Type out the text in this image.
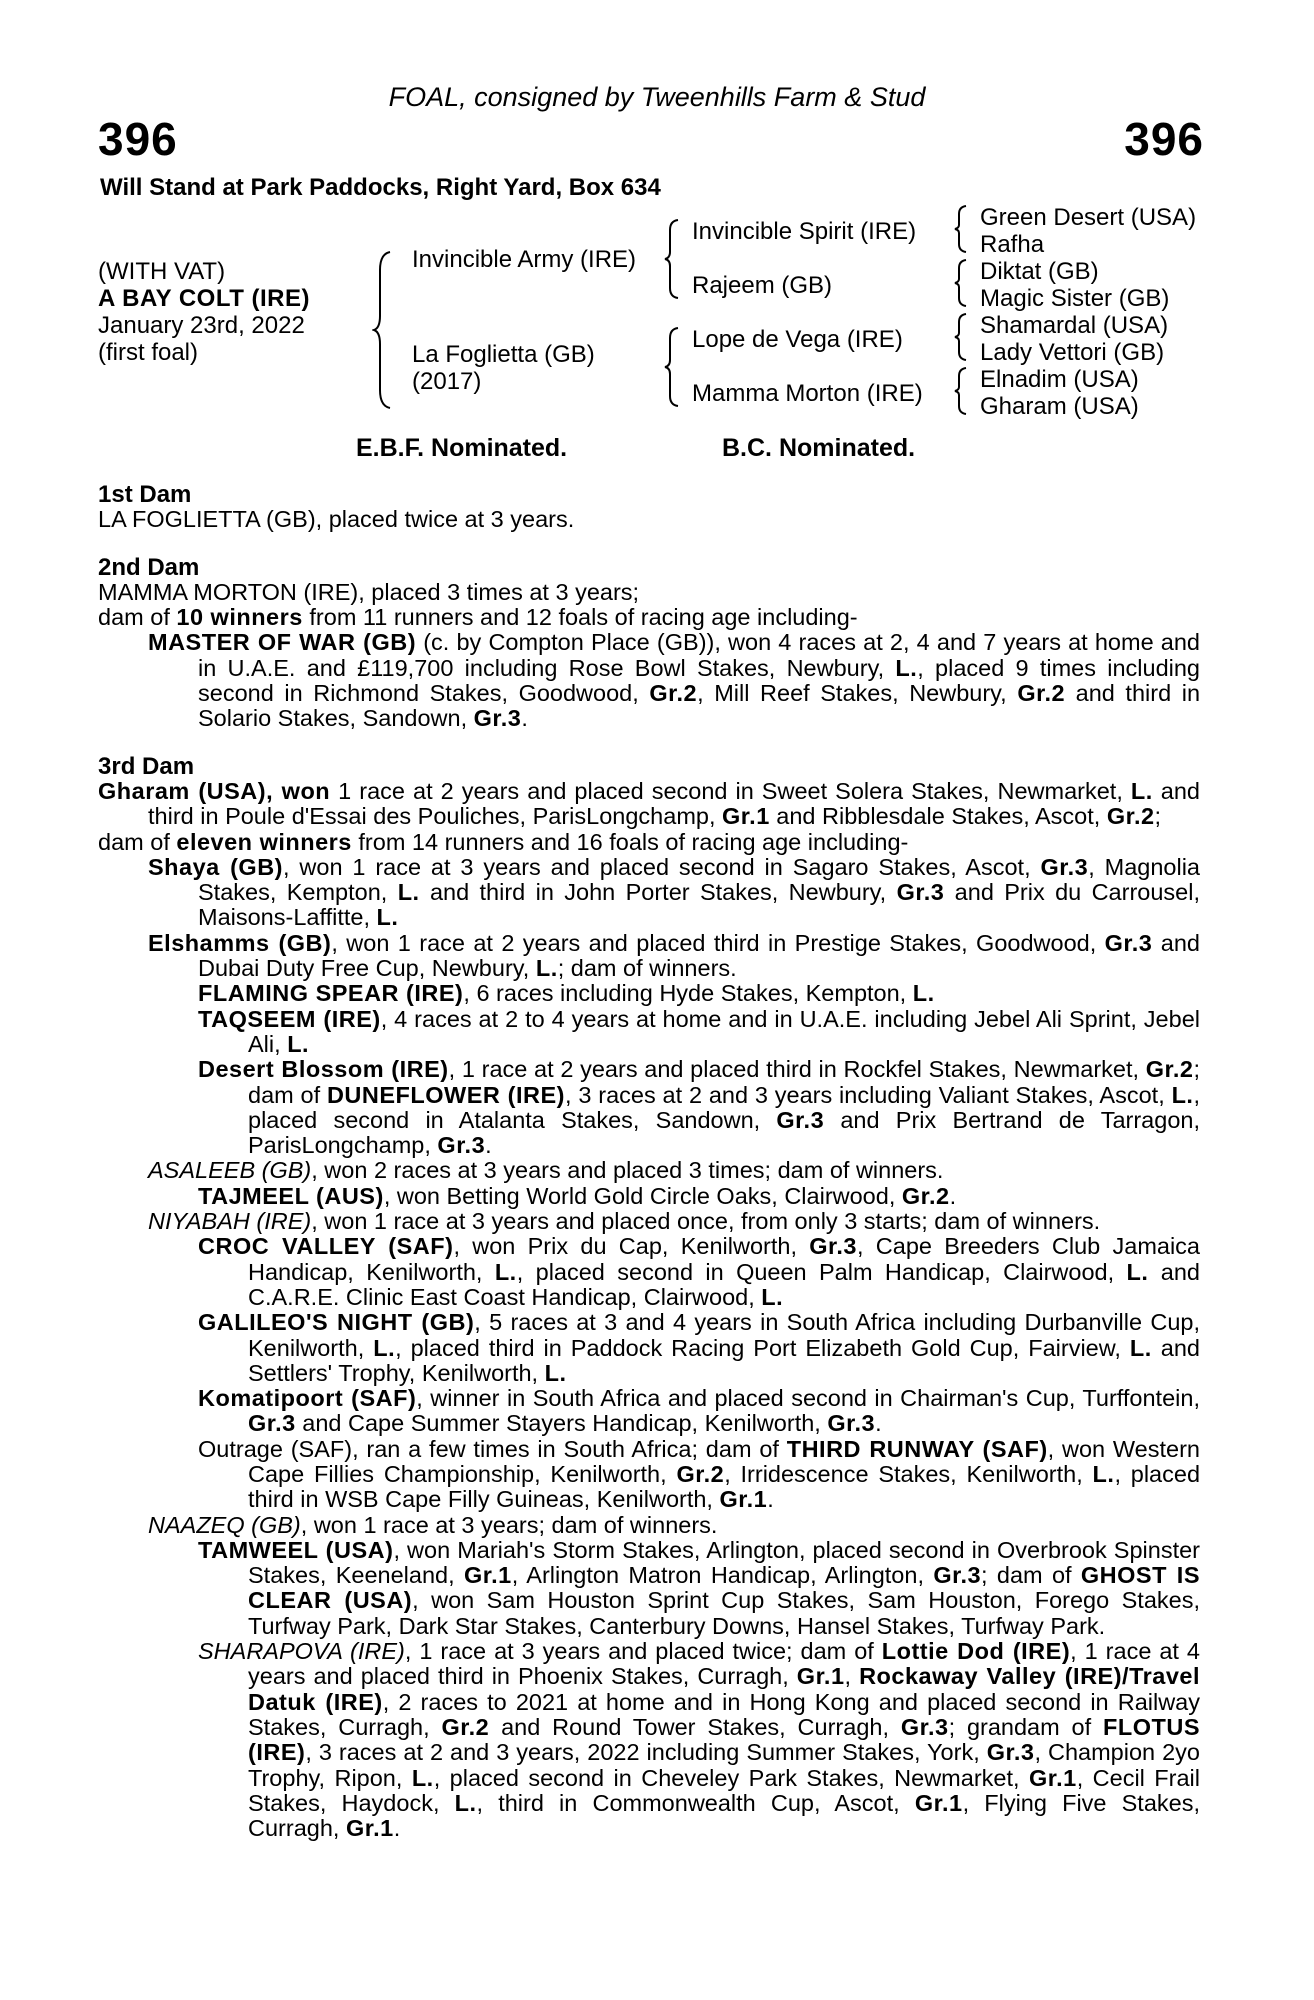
FOAL, consigned by Tweenhills Farm & Stud
396	396
Will Stand at Park Paddocks, Right Yard, Box 634
(WITH VAT)
A BAY COLT (IRE)
January 23rd, 2022
(first foal)
Invincible Army (IRE)
La Foglietta (GB)
(2017)
Invincible Spirit (IRE)
Rajeem (GB)
Lope de Vega (IRE)
Mamma Morton (IRE)
Green Desert (USA)
Rafha
Diktat (GB)
Magic Sister (GB)
Shamardal (USA)
Lady Vettori (GB)
Elnadim (USA)
Gharam (USA)
E.B.F. Nominated.	B.C. Nominated.
1st Dam

LA FOGLIETTA (GB), placed twice at 3 years.

2nd Dam

MAMMA MORTON (IRE), placed 3 times at 3 years;

dam of 10 winners from 11 runners and 12 foals of racing age including-

MASTER OF WAR (GB) (c. by Compton Place (GB)), won 4 races at 2, 4 and 7 years at home and in U.A.E. and £119,700 including Rose Bowl Stakes, Newbury, L., placed 9 times including second in Richmond Stakes, Goodwood, Gr.2, Mill Reef Stakes, Newbury, Gr.2 and third in Solario Stakes, Sandown, Gr.3.

3rd Dam

Gharam (USA), won 1 race at 2 years and placed second in Sweet Solera Stakes, Newmarket, L. and third in Poule d'Essai des Pouliches, ParisLongchamp, Gr.1 and Ribblesdale Stakes, Ascot, Gr.2;

dam of eleven winners from 14 runners and 16 foals of racing age including-

Shaya (GB), won 1 race at 3 years and placed second in Sagaro Stakes, Ascot, Gr.3, Magnolia Stakes, Kempton, L. and third in John Porter Stakes, Newbury, Gr.3 and Prix du Carrousel, Maisons-Laffitte, L.

Elshamms (GB), won 1 race at 2 years and placed third in Prestige Stakes, Goodwood, Gr.3 and Dubai Duty Free Cup, Newbury, L.; dam of winners.

FLAMING SPEAR (IRE), 6 races including Hyde Stakes, Kempton, L.

TAQSEEM (IRE), 4 races at 2 to 4 years at home and in U.A.E. including Jebel Ali Sprint, Jebel Ali, L.

Desert Blossom (IRE), 1 race at 2 years and placed third in Rockfel Stakes, Newmarket, Gr.2; dam of DUNEFLOWER (IRE), 3 races at 2 and 3 years including Valiant Stakes, Ascot, L., placed second in Atalanta Stakes, Sandown, Gr.3 and Prix Bertrand de Tarragon, ParisLongchamp, Gr.3.

ASALEEB (GB), won 2 races at 3 years and placed 3 times; dam of winners.

TAJMEEL (AUS), won Betting World Gold Circle Oaks, Clairwood, Gr.2.

NIYABAH (IRE), won 1 race at 3 years and placed once, from only 3 starts; dam of winners.

CROC VALLEY (SAF), won Prix du Cap, Kenilworth, Gr.3, Cape Breeders Club Jamaica Handicap, Kenilworth, L., placed second in Queen Palm Handicap, Clairwood, L. and C.A.R.E. Clinic East Coast Handicap, Clairwood, L.

GALILEO'S NIGHT (GB), 5 races at 3 and 4 years in South Africa including Durbanville Cup, Kenilworth, L., placed third in Paddock Racing Port Elizabeth Gold Cup, Fairview, L. and Settlers' Trophy, Kenilworth, L.

Komatipoort (SAF), winner in South Africa and placed second in Chairman's Cup, Turffontein, Gr.3 and Cape Summer Stayers Handicap, Kenilworth, Gr.3.

Outrage (SAF), ran a few times in South Africa; dam of THIRD RUNWAY (SAF), won Western Cape Fillies Championship, Kenilworth, Gr.2, Irridescence Stakes, Kenilworth, L., placed third in WSB Cape Filly Guineas, Kenilworth, Gr.1.

NAAZEQ (GB), won 1 race at 3 years; dam of winners.

TAMWEEL (USA), won Mariah's Storm Stakes, Arlington, placed second in Overbrook Spinster Stakes, Keeneland, Gr.1, Arlington Matron Handicap, Arlington, Gr.3; dam of GHOST IS CLEAR (USA), won Sam Houston Sprint Cup Stakes, Sam Houston, Forego Stakes, Turfway Park, Dark Star Stakes, Canterbury Downs, Hansel Stakes, Turfway Park.

SHARAPOVA (IRE), 1 race at 3 years and placed twice; dam of Lottie Dod (IRE), 1 race at 4 years and placed third in Phoenix Stakes, Curragh, Gr.1, Rockaway Valley (IRE)/Travel Datuk (IRE), 2 races to 2021 at home and in Hong Kong and placed second in Railway Stakes, Curragh, Gr.2 and Round Tower Stakes, Curragh, Gr.3; grandam of FLOTUS (IRE), 3 races at 2 and 3 years, 2022 including Summer Stakes, York, Gr.3, Champion 2yo Trophy, Ripon, L., placed second in Cheveley Park Stakes, Newmarket, Gr.1, Cecil Frail Stakes, Haydock, L., third in Commonwealth Cup, Ascot, Gr.1, Flying Five Stakes, Curragh, Gr.1.
